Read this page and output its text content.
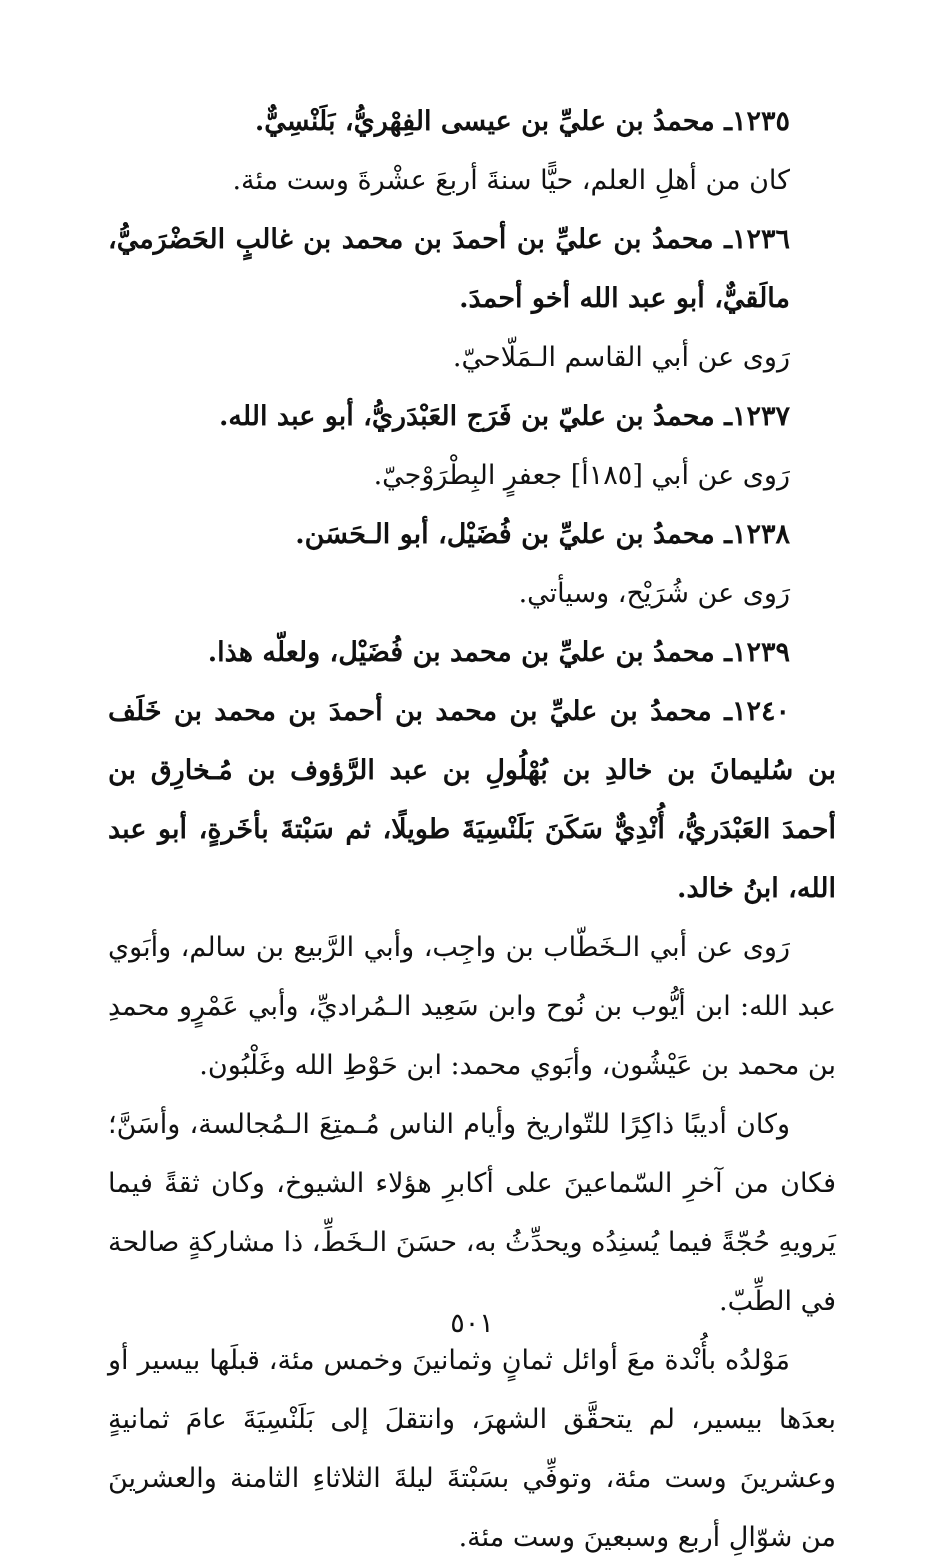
١٢٣٥ـ محمدُ بن عليِّ بن عيسى الفِهْريُّ، بَلَنْسِيٌّ.

كان من أهلِ العلم، حيًّا سنةَ أربعَ عشْرةَ وست مئة.

١٢٣٦ـ محمدُ بن عليِّ بن أحمدَ بن محمد بن غالبٍ الحَضْرَميُّ، مالَقيٌّ، أبو عبد الله أخو أحمدَ.

رَوى عن أبي القاسم الـمَلّاحيّ.

١٢٣٧ـ محمدُ بن عليّ بن فَرَج العَبْدَريُّ، أبو عبد الله.

رَوى عن أبي [١٨٥أ] جعفرٍ البِطْرَوْجيّ.

١٢٣٨ـ محمدُ بن عليِّ بن فُضَيْل، أبو الـحَسَن.

رَوى عن شُرَيْح، وسيأتي.

١٢٣٩ـ محمدُ بن عليِّ بن محمد بن فُضَيْل، ولعلّه هذا.

١٢٤٠ـ محمدُ بن عليِّ بن محمد بن أحمدَ بن محمد بن خَلَف بن سُليمانَ بن خالدِ بن بُهْلُولِ بن عبد الرَّؤوف بن مُـخارِق بن أحمدَ العَبْدَريُّ، أُنْدِيٌّ سَكَنَ بَلَنْسِيَةَ طويلًا، ثم سَبْتةَ بأخَرةٍ، أبو عبد الله، ابنُ خالد.

رَوى عن أبي الـخَطّاب بن واجِب، وأبي الرَّبيع بن سالم، وأبَوي عبد الله: ابن أيُّوب بن نُوح وابن سَعِيد الـمُراديِّ، وأبي عَمْرٍو محمدِ بن محمد بن عَيْشُون، وأبَوي محمد: ابن حَوْطِ الله وغَلْبُون.

وكان أديبًا ذاكِرًا للتّواريخ وأيام الناس مُـمتِعَ الـمُجالسة، وأسَنَّ؛ فكان من آخرِ السّماعينَ على أكابرِ هؤلاء الشيوخ، وكان ثقةً فيما يَرويهِ حُجّةً فيما يُسنِدُه ويحدِّثُ به، حسَنَ الـخَطِّ، ذا مشاركةٍ صالحة في الطِّبّ.

مَوْلدُه بأُنْدة معَ أوائل ثمانٍ وثمانينَ وخمس مئة، قبلَها بيسير أو بعدَها بيسير، لم يتحقَّق الشهرَ، وانتقلَ إلى بَلَنْسِيَةَ عامَ ثمانيةٍ وعشرينَ وست مئة، وتوفِّي بسَبْتةَ ليلةَ الثلاثاءِ الثامنة والعشرينَ من شوّالِ أربع وسبعينَ وست مئة.

٥٠١
